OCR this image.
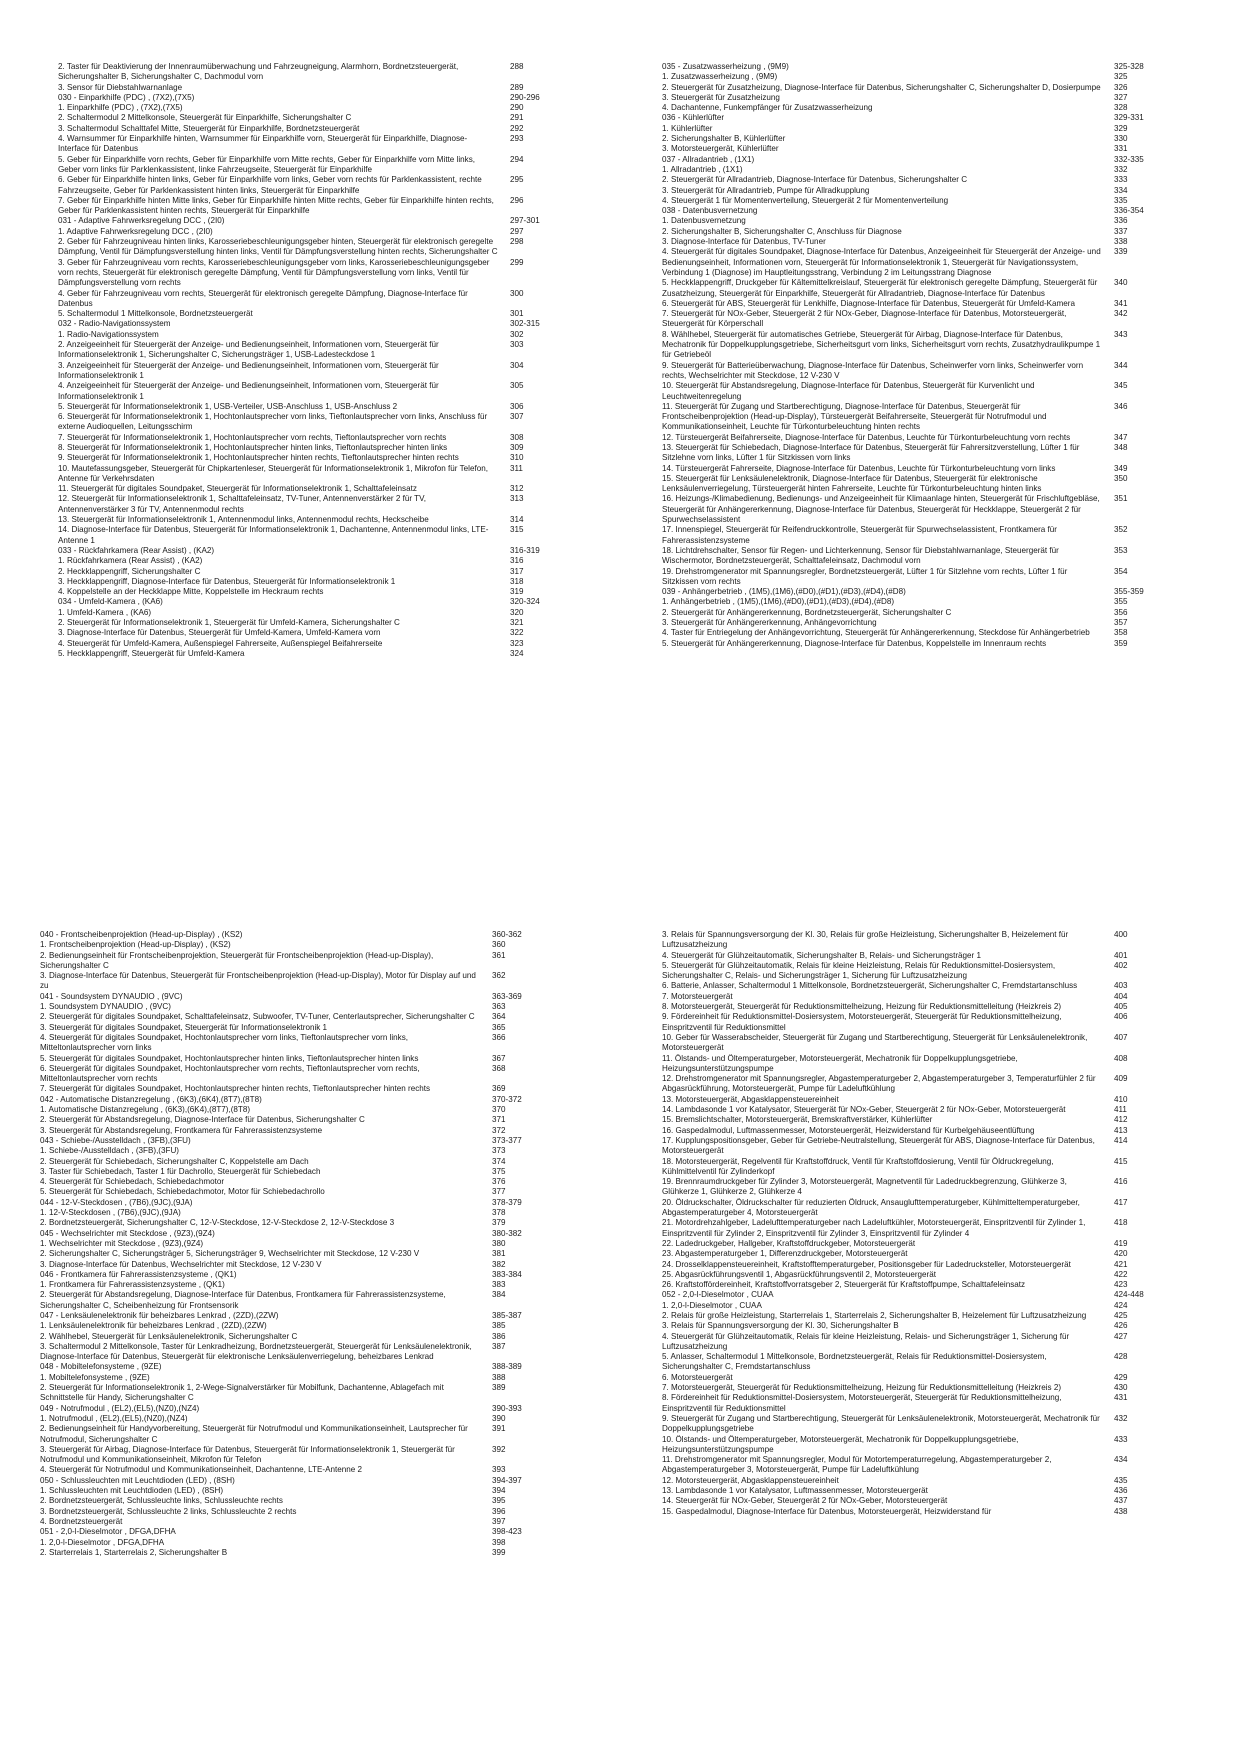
2. Taster für Deaktivierung der Innenraumüberwachung und Fahrzeugneigung, Alarmhorn, Bordnetzsteuergerät, Sicherungshalter B, Sicherungshalter C, Dachmodul vorn
288
3. Sensor für Diebstahlwarnanlage	289
030 - Einparkhilfe (PDC) , (7X2),(7X5)	290-296
1. Einparkhilfe (PDC) , (7X2),(7X5)	290
2. Schaltermodul 2 Mittelkonsole, Steuergerät für Einparkhilfe, Sicherungshalter C	291
3. Schaltermodul Schalttafel Mitte, Steuergerät für Einparkhilfe, Bordnetzsteuergerät	292
4. Warnsummer für Einparkhilfe hinten, Warnsummer für Einparkhilfe vorn, Steuergerät für Einparkhilfe, Diagnose-Interface für Datenbus
293
5. Geber für Einparkhilfe vorn rechts, Geber für Einparkhilfe vorn Mitte rechts, Geber für Einparkhilfe vorn Mitte links, Geber vorn links für Parklenkassistent, linke Fahrzeugseite, Steuergerät für Einparkhilfe
294
6. Geber für Einparkhilfe hinten links, Geber für Einparkhilfe vorn links, Geber vorn rechts für Parklenkassistent, rechte Fahrzeugseite, Geber für Parklenkassistent hinten links, Steuergerät für Einparkhilfe
295
7. Geber für Einparkhilfe hinten Mitte links, Geber für Einparkhilfe hinten Mitte rechts, Geber für Einparkhilfe hinten rechts, Geber für Parklenkassistent hinten rechts, Steuergerät für Einparkhilfe
296
031 - Adaptive Fahrwerksregelung DCC , (2I0)	297-301
1. Adaptive Fahrwerksregelung DCC , (2I0)	297
2. Geber für Fahrzeugniveau hinten links, Karosseriebeschleunigungsgeber hinten, Steuergerät für elektronisch geregelte Dämpfung, Ventil für Dämpfungsverstellung hinten links, Ventil für Dämpfungsverstellung hinten rechts, Sicherungshalter C
298
3. Geber für Fahrzeugniveau vorn rechts, Karosseriebeschleunigungsgeber vorn links, Karosseriebeschleunigungsgeber vorn rechts, Steuergerät für elektronisch geregelte Dämpfung, Ventil für Dämpfungsverstellung vorn links, Ventil für Dämpfungsverstellung vorn rechts
299
4. Geber für Fahrzeugniveau vorn rechts, Steuergerät für elektronisch geregelte Dämpfung, Diagnose-Interface für Datenbus
300
5. Schaltermodul 1 Mittelkonsole, Bordnetzsteuergerät	301
032 - Radio-Navigationssystem	302-315
1. Radio-Navigationssystem	302
2. Anzeigeeinheit für Steuergerät der Anzeige- und Bedienungseinheit, Informationen vorn, Steuergerät für Informationselektronik 1, Sicherungshalter C, Sicherungsträger 1, USB-Ladesteckdose 1
303
3. Anzeigeeinheit für Steuergerät der Anzeige- und Bedienungseinheit, Informationen vorn, Steuergerät für Informationselektronik 1
304
4. Anzeigeeinheit für Steuergerät der Anzeige- und Bedienungseinheit, Informationen vorn, Steuergerät für Informationselektronik 1
305
5. Steuergerät für Informationselektronik 1, USB-Verteiler, USB-Anschluss 1, USB-Anschluss 2	306
6. Steuergerät für Informationselektronik 1, Hochtonlautsprecher vorn links, Tieftonlautsprecher vorn links, Anschluss für externe Audioquellen, Leitungsschirm
307
7. Steuergerät für Informationselektronik 1, Hochtonlautsprecher vorn rechts, Tieftonlautsprecher vorn rechts	308
8. Steuergerät für Informationselektronik 1, Hochtonlautsprecher hinten links, Tieftonlautsprecher hinten links	309
9. Steuergerät für Informationselektronik 1, Hochtonlautsprecher hinten rechts, Tieftonlautsprecher hinten rechts	310
10. Mautefassungsgeber, Steuergerät für Chipkartenleser, Steuergerät für Informationselektronik 1, Mikrofon für Telefon, Antenne für Verkehrsdaten
311
11. Steuergerät für digitales Soundpaket, Steuergerät für Informationselektronik 1, Schalttafeleinsatz	312
12. Steuergerät für Informationselektronik 1, Schalttafeleinsatz, TV-Tuner, Antennenverstärker 2 für TV, Antennenverstärker 3 für TV, Antennenmodul rechts
313
13. Steuergerät für Informationselektronik 1, Antennenmodul links, Antennenmodul rechts, Heckscheibe	314
14. Diagnose-Interface für Datenbus, Steuergerät für Informationselektronik 1, Dachantenne, Antennenmodul links, LTE-Antenne 1
315
033 - Rückfahrkamera (Rear Assist) , (KA2)	316-319
1. Rückfahrkamera (Rear Assist) , (KA2)	316
2. Heckklappengriff, Sicherungshalter C	317
3. Heckklappengriff, Diagnose-Interface für Datenbus, Steuergerät für Informationselektronik 1	318
4. Koppelstelle an der Heckklappe Mitte, Koppelstelle im Heckraum rechts	319
034 - Umfeld-Kamera , (KA6)	320-324
1. Umfeld-Kamera , (KA6)	320
2. Steuergerät für Informationselektronik 1, Steuergerät für Umfeld-Kamera, Sicherungshalter C	321
3. Diagnose-Interface für Datenbus, Steuergerät für Umfeld-Kamera, Umfeld-Kamera vorn	322
4. Steuergerät für Umfeld-Kamera, Außenspiegel Fahrerseite, Außenspiegel Beifahrerseite	323
5. Heckklappengriff, Steuergerät für Umfeld-Kamera	324
035 - Zusatzwasserheizung , (9M9)	325-328
1. Zusatzwasserheizung , (9M9)	325
2. Steuergerät für Zusatzheizung, Diagnose-Interface für Datenbus, Sicherungshalter C, Sicherungshalter D, Dosierpumpe 326
3. Steuergerät für Zusatzheizung	327
4. Dachantenne, Funkempfänger für Zusatzwasserheizung	328
036 - Kühlerlüfter	329-331
1. Kühlerlüfter	329
2. Sicherungshalter B, Kühlerlüfter	330
3. Motorsteuergerät, Kühlerlüfter	331
037 - Allradantrieb , (1X1)	332-335
1. Allradantrieb , (1X1)	332
2. Steuergerät für Allradantrieb, Diagnose-Interface für Datenbus, Sicherungshalter C	333
3. Steuergerät für Allradantrieb, Pumpe für Allradkupplung	334
4. Steuergerät 1 für Momentenverteilung, Steuergerät 2 für Momentenverteilung	335
038 - Datenbusvernetzung	336-354
1. Datenbusvernetzung	336
2. Sicherungshalter B, Sicherungshalter C, Anschluss für Diagnose	337
3. Diagnose-Interface für Datenbus, TV-Tuner	338
4. Steuergerät für digitales Soundpaket, Diagnose-Interface für Datenbus, Anzeigeeinheit für Steuergerät der Anzeige- und Bedienungseinheit, Informationen vorn, Steuergerät für Informationselektronik 1, Steuergerät für Navigationssystem, Verbindung 1 (Diagnose) im Hauptleitungsstrang, Verbindung 2 im Leitungsstrang Diagnose
339
5. Heckklappengriff, Druckgeber für Kältemittelkreislauf, Steuergerät für elektronisch geregelte Dämpfung, Steuergerät für Zusatzheizung, Steuergerät für Einparkhilfe, Steuergerät für Allradantrieb, Diagnose-Interface für Datenbus
340
6. Steuergerät für ABS, Steuergerät für Lenkhilfe, Diagnose-Interface für Datenbus, Steuergerät für Umfeld-Kamera	341
7. Steuergerät für NOx-Geber, Steuergerät 2 für NOx-Geber, Diagnose-Interface für Datenbus, Motorsteuergerät, Steuergerät für Körperschall
342
8. Wählhebel, Steuergerät für automatisches Getriebe, Steuergerät für Airbag, Diagnose-Interface für Datenbus, Mechatronik für Doppelkupplungsgetriebe, Sicherheitsgurt vorn links, Sicherheitsgurt vorn rechts, Zusatzhydraulikpumpe 1 für Getriebeöl
343
9. Steuergerät für Batterieüberwachung, Diagnose-Interface für Datenbus, Scheinwerfer vorn links, Scheinwerfer vorn rechts, Wechselrichter mit Steckdose, 12 V-230 V
344
10. Steuergerät für Abstandsregelung, Diagnose-Interface für Datenbus, Steuergerät für Kurvenlicht und Leuchtweitenregelung
345
11. Steuergerät für Zugang und Startberechtigung, Diagnose-Interface für Datenbus, Steuergerät für Frontscheibenprojektion (Head-up-Display), Türsteuergerät Beifahrerseite, Steuergerät für Notrufmodul und Kommunikationseinheit, Leuchte für Türkonturbeleuchtung hinten rechts
346
12. Türsteuergerät Beifahrerseite, Diagnose-Interface für Datenbus, Leuchte für Türkonturbeleuchtung vorn rechts	347
13. Steuergerät für Schiebedach, Diagnose-Interface für Datenbus, Steuergerät für Fahrersitzverstellung, Lüfter 1 für Sitzlehne vorn links, Lüfter 1 für Sitzkissen vorn links
348
14. Türsteuergerät Fahrerseite, Diagnose-Interface für Datenbus, Leuchte für Türkonturbeleuchtung vorn links	349
15. Steuergerät für Lenksäulenelektronik, Diagnose-Interface für Datenbus, Steuergerät für elektronische Lenksäulenverriegelung, Türsteuergerät hinten Fahrerseite, Leuchte für Türkonturbeleuchtung hinten links
350
16. Heizungs-/Klimabedienung, Bedienungs- und Anzeigeeinheit für Klimaanlage hinten, Steuergerät für Frischluftgebläse, Steuergerät für Anhängererkennung, Diagnose-Interface für Datenbus, Steuergerät für Heckklappe, Steuergerät 2 für Spurwechselassistent
351
17. Innenspiegel, Steuergerät für Reifendruckkontrolle, Steuergerät für Spurwechselassistent, Frontkamera für Fahrerassistenzsysteme
352
18. Lichtdrehschalter, Sensor für Regen- und Lichterkennung, Sensor für Diebstahlwarnanlage, Steuergerät für Wischermotor, Bordnetzsteuergerät, Schalttafeleinsatz, Dachmodul vorn
353
19. Drehstromgenerator mit Spannungsregler, Bordnetzsteuergerät, Lüfter 1 für Sitzlehne vorn rechts, Lüfter 1 für Sitzkissen vorn rechts
354
039 - Anhängerbetrieb , (1M5),(1M6),(#D0),(#D1),(#D3),(#D4),(#D8)	355-359
1. Anhängerbetrieb , (1M5),(1M6),(#D0),(#D1),(#D3),(#D4),(#D8)	355
2. Steuergerät für Anhängererkennung, Bordnetzsteuergerät, Sicherungshalter C	356
3. Steuergerät für Anhängererkennung, Anhängevorrichtung	357
4. Taster für Entriegelung der Anhängevorrichtung, Steuergerät für Anhängererkennung, Steckdose für Anhängerbetrieb	358
5. Steuergerät für Anhängererkennung, Diagnose-Interface für Datenbus, Koppelstelle im Innenraum rechts	359
040 - Frontscheibenprojektion (Head-up-Display) , (KS2)	360-362
1. Frontscheibenprojektion (Head-up-Display) , (KS2)	360
2. Bedienungseinheit für Frontscheibenprojektion, Steuergerät für Frontscheibenprojektion (Head-up-Display), Sicherungshalter C
361
3. Diagnose-Interface für Datenbus, Steuergerät für Frontscheibenprojektion (Head-up-Display), Motor für Display auf und zu
362
041 - Soundsystem DYNAUDIO , (9VC)	363-369
1. Soundsystem DYNAUDIO , (9VC)	363
2. Steuergerät für digitales Soundpaket, Schalttafeleinsatz, Subwoofer, TV-Tuner, Centerlautsprecher, Sicherungshalter C	364
3. Steuergerät für digitales Soundpaket, Steuergerät für Informationselektronik 1	365
4. Steuergerät für digitales Soundpaket, Hochtonlautsprecher vorn links, Tieftonlautsprecher vorn links, Mitteltonlautsprecher vorn links
366
5. Steuergerät für digitales Soundpaket, Hochtonlautsprecher hinten links, Tieftonlautsprecher hinten links	367
6. Steuergerät für digitales Soundpaket, Hochtonlautsprecher vorn rechts, Tieftonlautsprecher vorn rechts, Mitteltonlautsprecher vorn rechts
368
7. Steuergerät für digitales Soundpaket, Hochtonlautsprecher hinten rechts, Tieftonlautsprecher hinten rechts	369
042 - Automatische Distanzregelung , (6K3),(6K4),(8T7),(8T8)	370-372
1. Automatische Distanzregelung , (6K3),(6K4),(8T7),(8T8)	370
2. Steuergerät für Abstandsregelung, Diagnose-Interface für Datenbus, Sicherungshalter C	371
3. Steuergerät für Abstandsregelung, Frontkamera für Fahrerassistenzsysteme	372
043 - Schiebe-/Ausstelldach , (3FB),(3FU)	373-377
1. Schiebe-/Ausstelldach , (3FB),(3FU)	373
2. Steuergerät für Schiebedach, Sicherungshalter C, Koppelstelle am Dach	374
3. Taster für Schiebedach, Taster 1 für Dachrollo, Steuergerät für Schiebedach	375
4. Steuergerät für Schiebedach, Schiebedachmotor	376
5. Steuergerät für Schiebedach, Schiebedachmotor, Motor für Schiebedachrollo	377
044 - 12-V-Steckdosen , (7B6),(9JC),(9JA)	378-379
1. 12-V-Steckdosen , (7B6),(9JC),(9JA)	378
2. Bordnetzsteuergerät, Sicherungshalter C, 12-V-Steckdose, 12-V-Steckdose 2, 12-V-Steckdose 3	379
045 - Wechselrichter mit Steckdose , (9Z3),(9Z4)	380-382
1. Wechselrichter mit Steckdose , (9Z3),(9Z4)	380
2. Sicherungshalter C, Sicherungsträger 5, Sicherungsträger 9, Wechselrichter mit Steckdose, 12 V-230 V	381
3. Diagnose-Interface für Datenbus, Wechselrichter mit Steckdose, 12 V-230 V	382
046 - Frontkamera für Fahrerassistenzsysteme , (QK1)	383-384
1. Frontkamera für Fahrerassistenzsysteme , (QK1)	383
2. Steuergerät für Abstandsregelung, Diagnose-Interface für Datenbus, Frontkamera für Fahrerassistenzsysteme, Sicherungshalter C, Scheibenheizung für Frontsensorik
384
047 - Lenksäulenelektronik für beheizbares Lenkrad , (2ZD),(2ZW)	385-387
1. Lenksäulenelektronik für beheizbares Lenkrad , (2ZD),(2ZW)	385
2. Wählhebel, Steuergerät für Lenksäulenelektronik, Sicherungshalter C	386
3. Schaltermodul 2 Mittelkonsole, Taster für Lenkradheizung, Bordnetzsteuergerät, Steuergerät für Lenksäulenelektronik, Diagnose-Interface für Datenbus, Steuergerät für elektronische Lenksäulenverriegelung, beheizbares Lenkrad
387
048 - Mobiltelefonsysteme , (9ZE)	388-389
1. Mobiltelefonsysteme , (9ZE)	388
2. Steuergerät für Informationselektronik 1, 2-Wege-Signalverstärker für Mobilfunk, Dachantenne, Ablagefach mit Schnittstelle für Handy, Sicherungshalter C
389
049 - Notrufmodul , (EL2),(EL5),(NZ0),(NZ4)	390-393
1. Notrufmodul , (EL2),(EL5),(NZ0),(NZ4)	390
2. Bedienungseinheit für Handyvorbereitung, Steuergerät für Notrufmodul und Kommunikationseinheit, Lautsprecher für Notrufmodul, Sicherungshalter C
391
3. Steuergerät für Airbag, Diagnose-Interface für Datenbus, Steuergerät für Informationselektronik 1, Steuergerät für Notrufmodul und Kommunikationseinheit, Mikrofon für Telefon
392
4. Steuergerät für Notrufmodul und Kommunikationseinheit, Dachantenne, LTE-Antenne 2	393
050 - Schlussleuchten mit Leuchtdioden (LED) , (8SH)	394-397
1. Schlussleuchten mit Leuchtdioden (LED) , (8SH)	394
2. Bordnetzsteuergerät, Schlussleuchte links, Schlussleuchte rechts	395
3. Bordnetzsteuergerät, Schlussleuchte 2 links, Schlussleuchte 2 rechts	396
4. Bordnetzsteuergerät	397
051 - 2,0-l-Dieselmotor , DFGA,DFHA	398-423
1. 2,0-l-Dieselmotor , DFGA,DFHA	398
2. Starterrelais 1, Starterrelais 2, Sicherungshalter B	399
3. Relais für Spannungsversorgung der Kl. 30, Relais für große Heizleistung, Sicherungshalter B, Heizelement für Luftzusatzheizung
400
4. Steuergerät für Glühzeitautomatik, Sicherungshalter B, Relais- und Sicherungsträger 1	401
5. Steuergerät für Glühzeitautomatik, Relais für kleine Heizleistung, Relais für Reduktionsmittel-Dosiersystem, Sicherungshalter C, Relais- und Sicherungsträger 1, Sicherung für Luftzusatzheizung
402
6. Batterie, Anlasser, Schaltermodul 1 Mittelkonsole, Bordnetzsteuergerät, Sicherungshalter C, Fremdstartanschluss	403
7. Motorsteuergerät	404
8. Motorsteuergerät, Steuergerät für Reduktionsmittelheizung, Heizung für Reduktionsmittelleitung (Heizkreis 2)	405
9. Fördereinheit für Reduktionsmittel-Dosiersystem, Motorsteuergerät, Steuergerät für Reduktionsmittelheizung, Einspritzventil für Reduktionsmittel
406
10. Geber für Wasserabscheider, Steuergerät für Zugang und Startberechtigung, Steuergerät für Lenksäulenelektronik, Motorsteuergerät
407
11. Ölstands- und Öltemperaturgeber, Motorsteuergerät, Mechatronik für Doppelkupplungsgetriebe, Heizungsunterstützungspumpe
408
12. Drehstromgenerator mit Spannungsregler, Abgastemperaturgeber 2, Abgastemperaturgeber 3, Temperaturfühler 2 für Abgasrückführung, Motorsteuergerät, Pumpe für Ladeluftkühlung
409
13. Motorsteuergerät, Abgasklappensteuereinheit	410
14. Lambdasonde 1 vor Katalysator, Steuergerät für NOx-Geber, Steuergerät 2 für NOx-Geber, Motorsteuergerät	411
15. Bremslichtschalter, Motorsteuergerät, Bremskraftverstärker, Kühlerlüfter	412
16. Gaspedalmodul, Luftmassenmesser, Motorsteuergerät, Heizwiderstand für Kurbelgehäuseentlüftung	413
17. Kupplungspositionsgeber, Geber für Getriebe-Neutralstellung, Steuergerät für ABS, Diagnose-Interface für Datenbus, Motorsteuergerät
414
18. Motorsteuergerät, Regelventil für Kraftstoffdruck, Ventil für Kraftstoffdosierung, Ventil für Öldruckregelung, Kühlmittelventil für Zylinderkopf
415
19. Brennraumdruckgeber für Zylinder 3, Motorsteuergerät, Magnetventil für Ladedruckbegrenzung, Glühkerze 3, Glühkerze 1, Glühkerze 2, Glühkerze 4
416
20. Öldruckschalter, Öldruckschalter für reduzierten Öldruck, Ansauglufttemperaturgeber, Kühlmitteltemperaturgeber, Abgastemperaturgeber 4, Motorsteuergerät
417
21. Motordrehzahlgeber, Ladelufttemperaturgeber nach Ladeluftkühler, Motorsteuergerät, Einspritzventil für Zylinder 1, Einspritzventil für Zylinder 2, Einspritzventil für Zylinder 3, Einspritzventil für Zylinder 4
418
22. Ladedruckgeber, Hallgeber, Kraftstoffdruckgeber, Motorsteuergerät	419
23. Abgastemperaturgeber 1, Differenzdruckgeber, Motorsteuergerät	420
24. Drosselklappensteuereinheit, Kraftstofftemperaturgeber, Positionsgeber für Ladedrucksteller, Motorsteuergerät	421
25. Abgasrückführungsventil 1, Abgasrückführungsventil 2, Motorsteuergerät	422
26. Kraftstoffördereinheit, Kraftstoffvorratsgeber 2, Steuergerät für Kraftstoffpumpe, Schalttafeleinsatz	423
052 - 2,0-l-Dieselmotor , CUAA	424-448
1. 2,0-l-Dieselmotor , CUAA	424
2. Relais für große Heizleistung, Starterrelais 1, Starterrelais 2, Sicherungshalter B, Heizelement für Luftzusatzheizung	425
3. Relais für Spannungsversorgung der Kl. 30, Sicherungshalter B	426
4. Steuergerät für Glühzeitautomatik, Relais für kleine Heizleistung, Relais- und Sicherungsträger 1, Sicherung für Luftzusatzheizung
427
5. Anlasser, Schaltermodul 1 Mittelkonsole, Bordnetzsteuergerät, Relais für Reduktionsmittel-Dosiersystem, Sicherungshalter C, Fremdstartanschluss
428
6. Motorsteuergerät	429
7. Motorsteuergerät, Steuergerät für Reduktionsmittelheizung, Heizung für Reduktionsmittelleitung (Heizkreis 2)	430
8. Fördereinheit für Reduktionsmittel-Dosiersystem, Motorsteuergerät, Steuergerät für Reduktionsmittelheizung, Einspritzventil für Reduktionsmittel
431
9. Steuergerät für Zugang und Startberechtigung, Steuergerät für Lenksäulenelektronik, Motorsteuergerät, Mechatronik für Doppelkupplungsgetriebe
432
10. Ölstands- und Öltemperaturgeber, Motorsteuergerät, Mechatronik für Doppelkupplungsgetriebe, Heizungsunterstützungspumpe
433
11. Drehstromgenerator mit Spannungsregler, Modul für Motortemperaturregelung, Abgastemperaturgeber 2, Abgastemperaturgeber 3, Motorsteuergerät, Pumpe für Ladeluftkühlung
434
12. Motorsteuergerät, Abgasklappensteuereinheit	435
13. Lambdasonde 1 vor Katalysator, Luftmassenmesser, Motorsteuergerät	436
14. Steuergerät für NOx-Geber, Steuergerät 2 für NOx-Geber, Motorsteuergerät	437
15. Gaspedalmodul, Diagnose-Interface für Datenbus, Motorsteuergerät, Heizwiderstand für	438
